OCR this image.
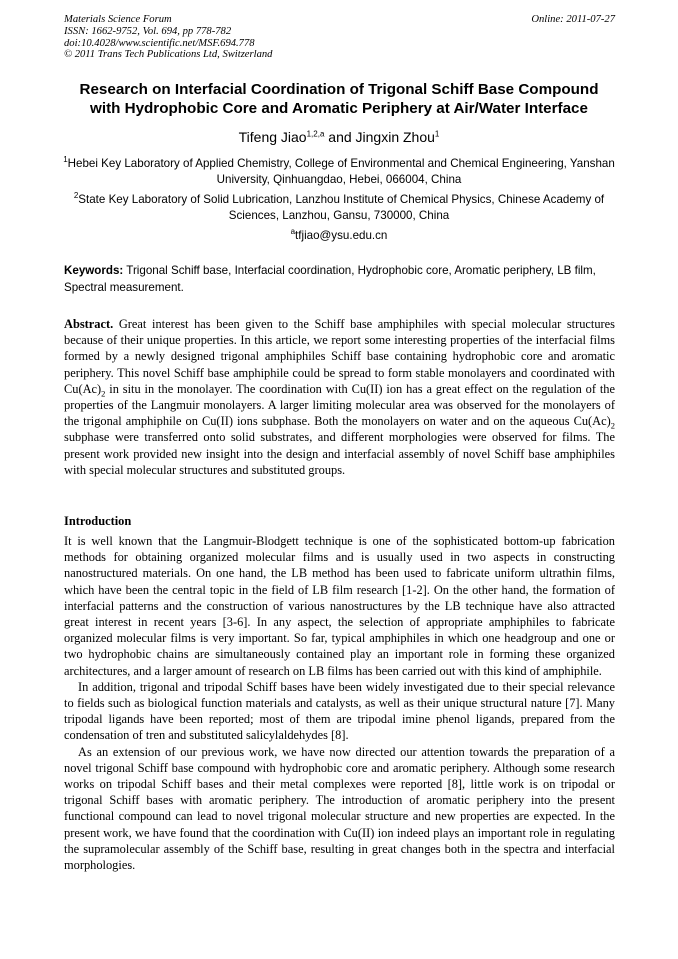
Materials Science Forum
ISSN: 1662-9752, Vol. 694, pp 778-782
doi:10.4028/www.scientific.net/MSF.694.778
© 2011 Trans Tech Publications Ltd, Switzerland
Online: 2011-07-27
Research on Interfacial Coordination of Trigonal Schiff Base Compound
with Hydrophobic Core and Aromatic Periphery at Air/Water Interface
Tifeng Jiao$^{1,2,a}$ and Jingxin Zhou$^1$
$^1$Hebei Key Laboratory of Applied Chemistry, College of Environmental and Chemical Engineering, Yanshan University, Qinhuangdao, Hebei, 066004, China
$^2$State Key Laboratory of Solid Lubrication, Lanzhou Institute of Chemical Physics, Chinese Academy of Sciences, Lanzhou, Gansu, 730000, China
$^a$tfjiao@ysu.edu.cn
Keywords: Trigonal Schiff base, Interfacial coordination, Hydrophobic core, Aromatic periphery, LB film, Spectral measurement.
Abstract. Great interest has been given to the Schiff base amphiphiles with special molecular structures because of their unique properties. In this article, we report some interesting properties of the interfacial films formed by a newly designed trigonal amphiphiles Schiff base containing hydrophobic core and aromatic periphery. This novel Schiff base amphiphile could be spread to form stable monolayers and coordinated with $Cu(Ac)_2$ in situ in the monolayer. The coordination with Cu(II) ion has a great effect on the regulation of the properties of the Langmuir monolayers. A larger limiting molecular area was observed for the monolayers of the trigonal amphiphile on Cu(II) ions subphase. Both the monolayers on water and on the aqueous $Cu(Ac)_2$ subphase were transferred onto solid substrates, and different morphologies were observed for films. The present work provided new insight into the design and interfacial assembly of novel Schiff base amphiphiles with special molecular structures and substituted groups.
Introduction

It is well known that the Langmuir-Blodgett technique is one of the sophisticated bottom-up fabrication methods for obtaining organized molecular films and is usually used in two aspects in constructing nanostructured materials. On one hand, the LB method has been used to fabricate uniform ultrathin films, which have been the central topic in the field of LB film research [1-2]. On the other hand, the formation of interfacial patterns and the construction of various nanostructures by the LB technique have also attracted great interest in recent years [3-6]. In any aspect, the selection of appropriate amphiphiles to fabricate organized molecular films is very important. So far, typical amphiphiles in which one headgroup and one or two hydrophobic chains are simultaneously contained play an important role in forming these organized architectures, and a larger amount of research on LB films has been carried out with this kind of amphiphile.

In addition, trigonal and tripodal Schiff bases have been widely investigated due to their special relevance to fields such as biological function materials and catalysts, as well as their unique structural nature [7]. Many tripodal ligands have been reported; most of them are tripodal imine phenol ligands, prepared from the condensation of tren and substituted salicylaldehydes [8].

As an extension of our previous work, we have now directed our attention towards the preparation of a novel trigonal Schiff base compound with hydrophobic core and aromatic periphery. Although some research works on tripodal Schiff bases and their metal complexes were reported [8], little work is on tripodal or trigonal Schiff bases with aromatic periphery. The introduction of aromatic periphery into the present functional compound can lead to novel trigonal molecular structure and new properties are expected. In the present work, we have found that the coordination with Cu(II) ion indeed plays an important role in regulating the supramolecular assembly of the Schiff base, resulting in great changes both in the spectra and interfacial morphologies.
